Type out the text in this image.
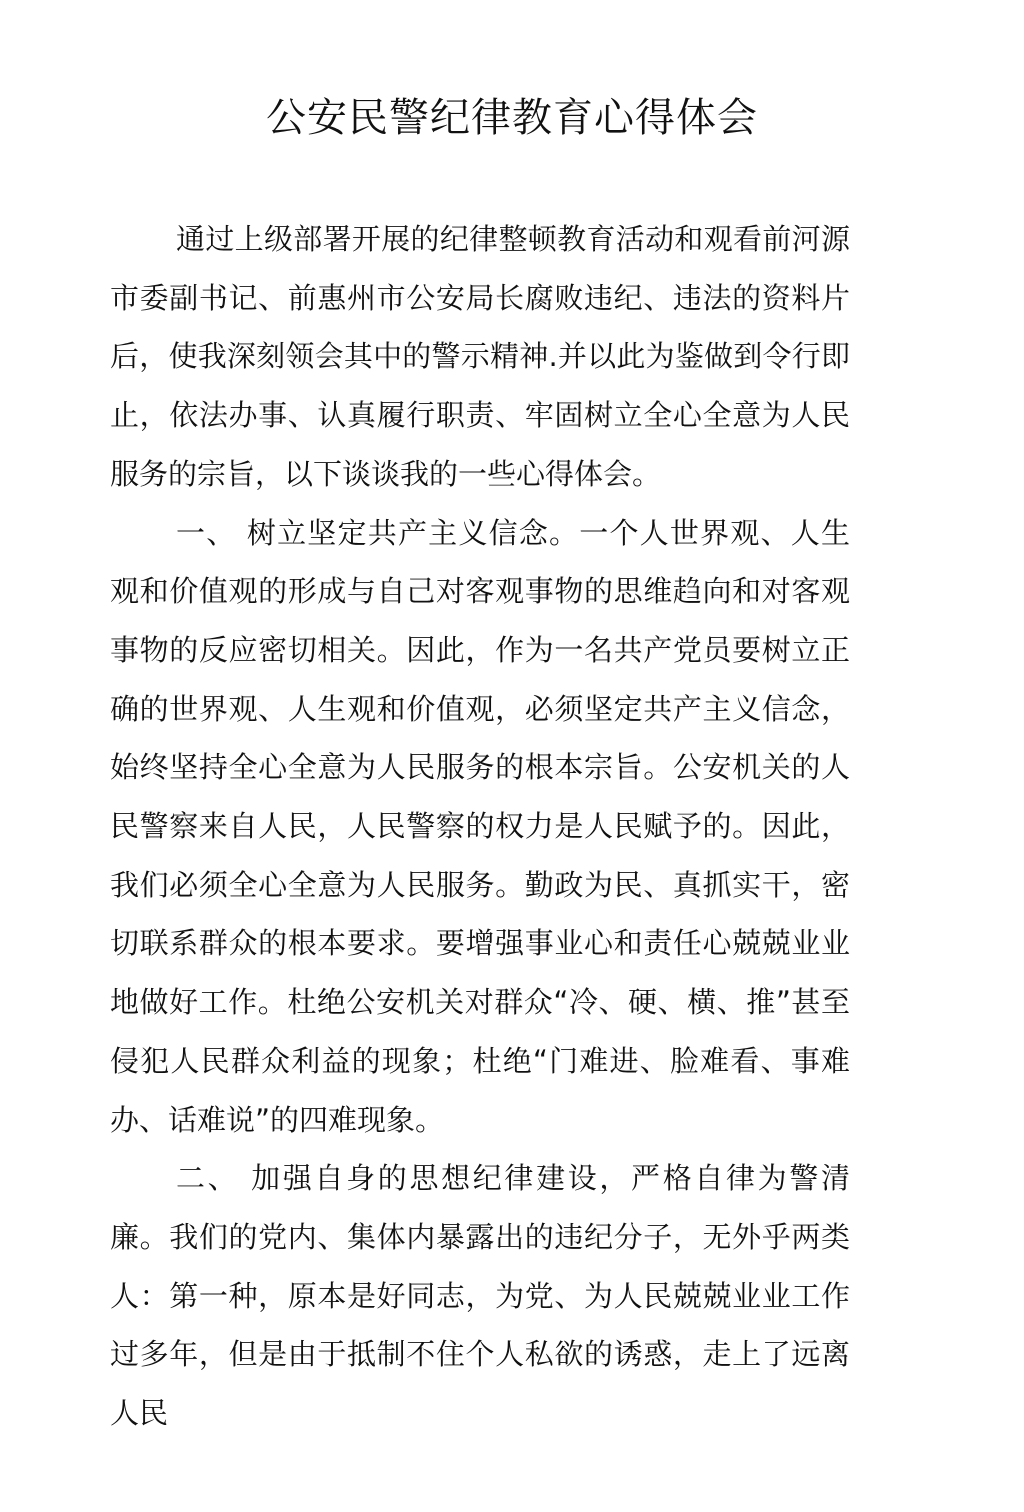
公安民警纪律教育心得体会

通过上级部署开展的纪律整顿教育活动和观看前河源市委副书记、前惠州市公安局长腐败违纪、违法的资料片后，使我深刻领会其中的警示精神.并以此为鉴做到令行即止，依法办事、认真履行职责、牢固树立全心全意为人民服务的宗旨，以下谈谈我的一些心得体会。

一、 树立坚定共产主义信念。一个人世界观、人生观和价值观的形成与自己对客观事物的思维趋向和对客观事物的反应密切相关。因此，作为一名共产党员要树立正确的世界观、人生观和价值观，必须坚定共产主义信念，始终坚持全心全意为人民服务的根本宗旨。公安机关的人民警察来自人民，人民警察的权力是人民赋予的。因此，我们必须全心全意为人民服务。勤政为民、真抓实干，密切联系群众的根本要求。要增强事业心和责任心兢兢业业地做好工作。杜绝公安机关对群众“冷、硬、横、推”甚至侵犯人民群众利益的现象；杜绝“门难进、脸难看、事难办、话难说”的四难现象。

二、 加强自身的思想纪律建设，严格自律为警清廉。我们的党内、集体内暴露出的违纪分子，无外乎两类人：第一种，原本是好同志，为党、为人民兢兢业业工作过多年，但是由于抵制不住个人私欲的诱惑，走上了远离人民
